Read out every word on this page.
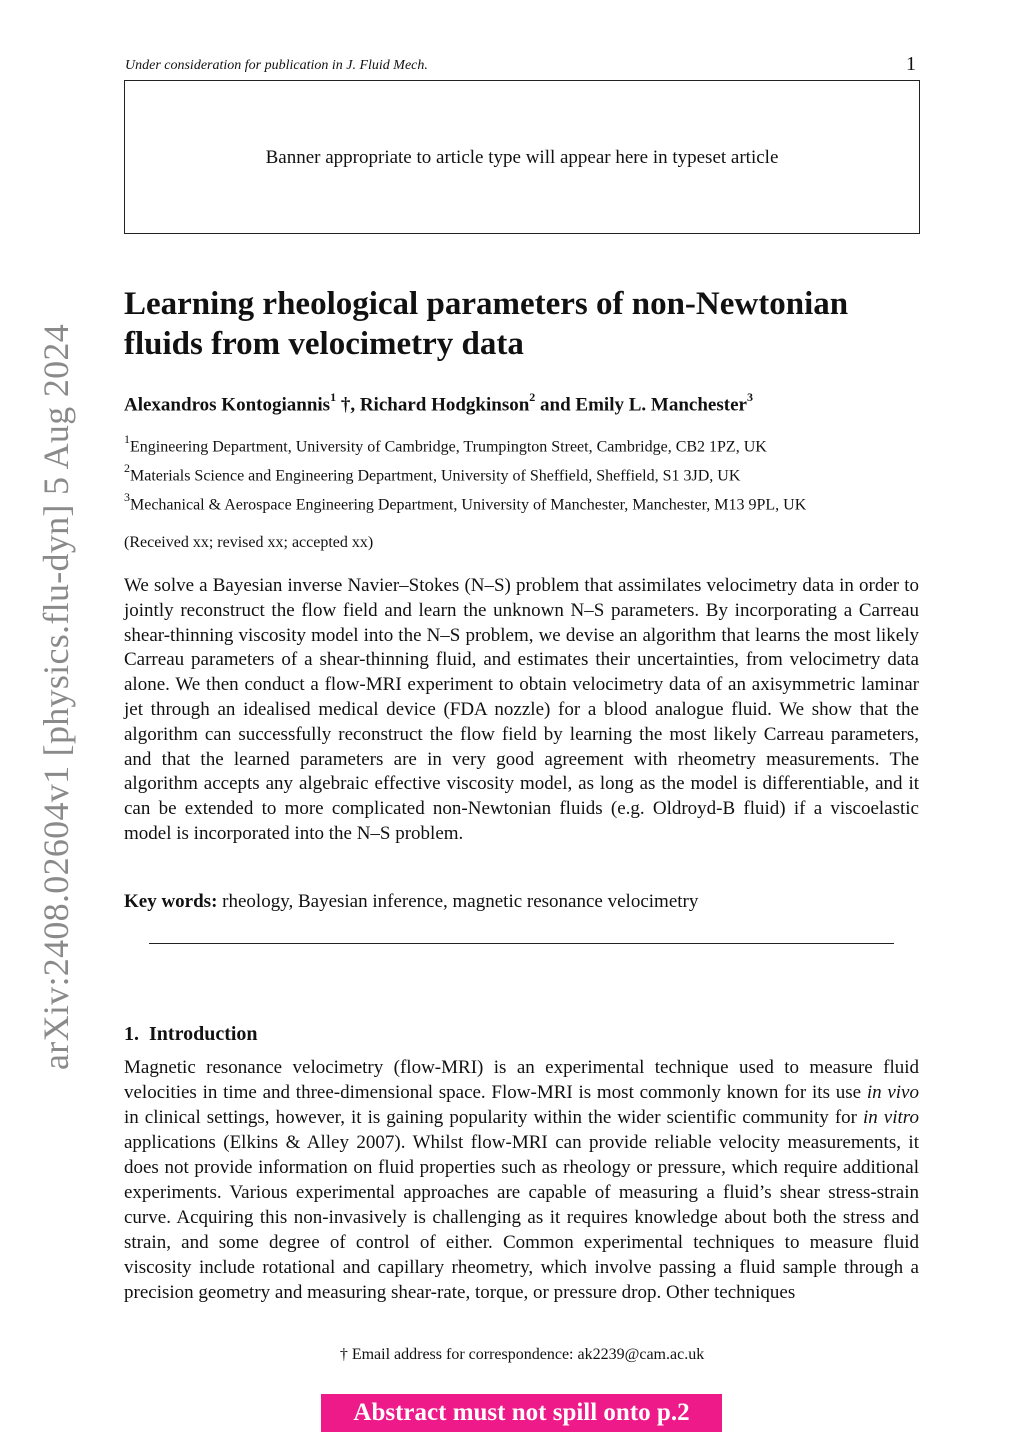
Under consideration for publication in J. Fluid Mech.	1
Banner appropriate to article type will appear here in typeset article
arXiv:2408.02604v1 [physics.flu-dyn] 5 Aug 2024
Learning rheological parameters of non-Newtonian fluids from velocimetry data
Alexandros Kontogiannis$^1$ †, Richard Hodgkinson$^2$ and Emily L. Manchester$^3$
$^1$Engineering Department, University of Cambridge, Trumpington Street, Cambridge, CB2 1PZ, UK
$^2$Materials Science and Engineering Department, University of Sheffield, Sheffield, S1 3JD, UK
$^3$Mechanical & Aerospace Engineering Department, University of Manchester, Manchester, M13 9PL, UK
(Received xx; revised xx; accepted xx)
We solve a Bayesian inverse Navier–Stokes (N–S) problem that assimilates velocimetry data in order to jointly reconstruct the flow field and learn the unknown N–S parameters. By incorporating a Carreau shear-thinning viscosity model into the N–S problem, we devise an algorithm that learns the most likely Carreau parameters of a shear-thinning fluid, and estimates their uncertainties, from velocimetry data alone. We then conduct a flow-MRI experiment to obtain velocimetry data of an axisymmetric laminar jet through an idealised medical device (FDA nozzle) for a blood analogue fluid. We show that the algorithm can successfully reconstruct the flow field by learning the most likely Carreau parameters, and that the learned parameters are in very good agreement with rheometry measurements. The algorithm accepts any algebraic effective viscosity model, as long as the model is differentiable, and it can be extended to more complicated non-Newtonian fluids (e.g. Oldroyd-B fluid) if a viscoelastic model is incorporated into the N–S problem.
Key words: rheology, Bayesian inference, magnetic resonance velocimetry
1. Introduction
Magnetic resonance velocimetry (flow-MRI) is an experimental technique used to measure fluid velocities in time and three-dimensional space. Flow-MRI is most commonly known for its use in vivo in clinical settings, however, it is gaining popularity within the wider scientific community for in vitro applications (Elkins & Alley 2007). Whilst flow-MRI can provide reliable velocity measurements, it does not provide information on fluid properties such as rheology or pressure, which require additional experiments. Various experimental approaches are capable of measuring a fluid’s shear stress-strain curve. Acquiring this non-invasively is challenging as it requires knowledge about both the stress and strain, and some degree of control of either. Common experimental techniques to measure fluid viscosity include rotational and capillary rheometry, which involve passing a fluid sample through a precision geometry and measuring shear-rate, torque, or pressure drop. Other techniques
† Email address for correspondence: ak2239@cam.ac.uk
Abstract must not spill onto p.2
